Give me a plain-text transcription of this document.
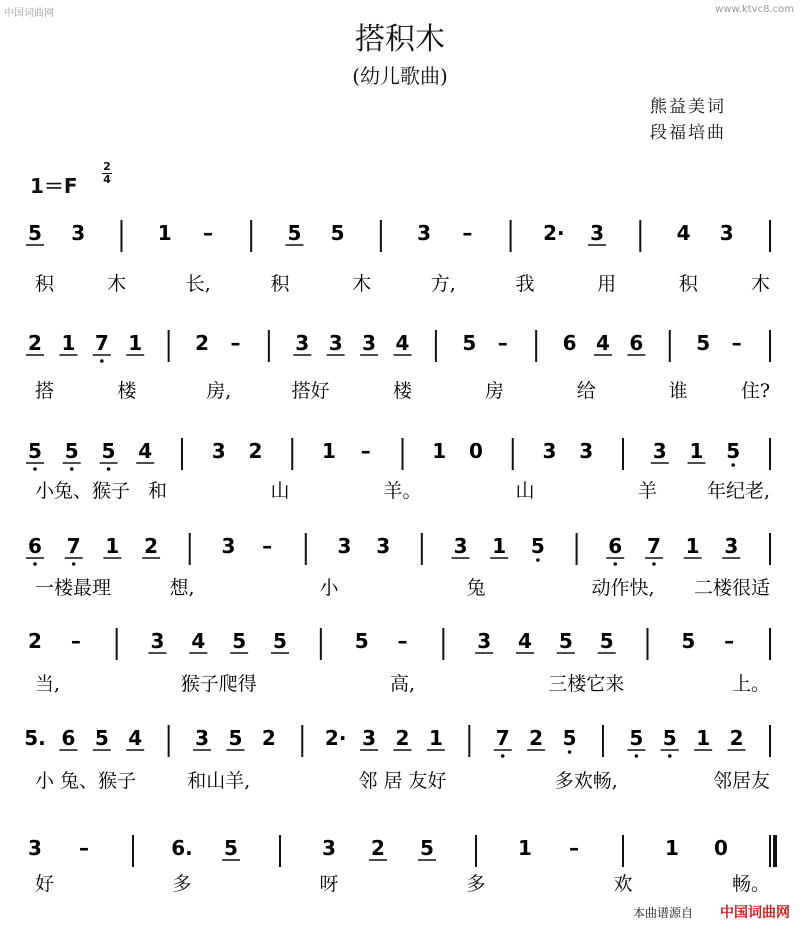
中国词曲网	www.ktvc8.com
搭积木
(幼儿歌曲)
熊益美词
段福培曲
1＝F
2
4
5 3	1 –	5 5	3 –	2· 3	4 3
积	木	长,	积	木	方,	我	用	积	木
2 1 7 1	2 –	3 3 3 4	5 –	6 4 6	5 –
搭	楼	房,	搭好	楼	房	给	谁	住?
5 5 5 4	3 2	1 –	1 0	3 3	3 1 5
小兔、猴子 和	山	羊。	山	羊	年纪老,
6 7 1 2	3 –	3 3	3 1 5	6 7 1 3
一楼最理	想,	小	兔	动作快, 二楼很适
2 –	3 4 5 5	5 –	3 4 5 5	5 –
当,	猴子爬得	高,	三楼它来	上。
5. 6 5 4	3 5 2 2· 3 2 1	7 2 5	5 5 1 2
小 兔、猴子	和山羊,	邻 居 友好	多欢畅,	邻居友
3 –	6. 5	3 2 5	1 –	1 0
好	多	呀	多	欢	畅。
本曲谱源自 中国词曲网
